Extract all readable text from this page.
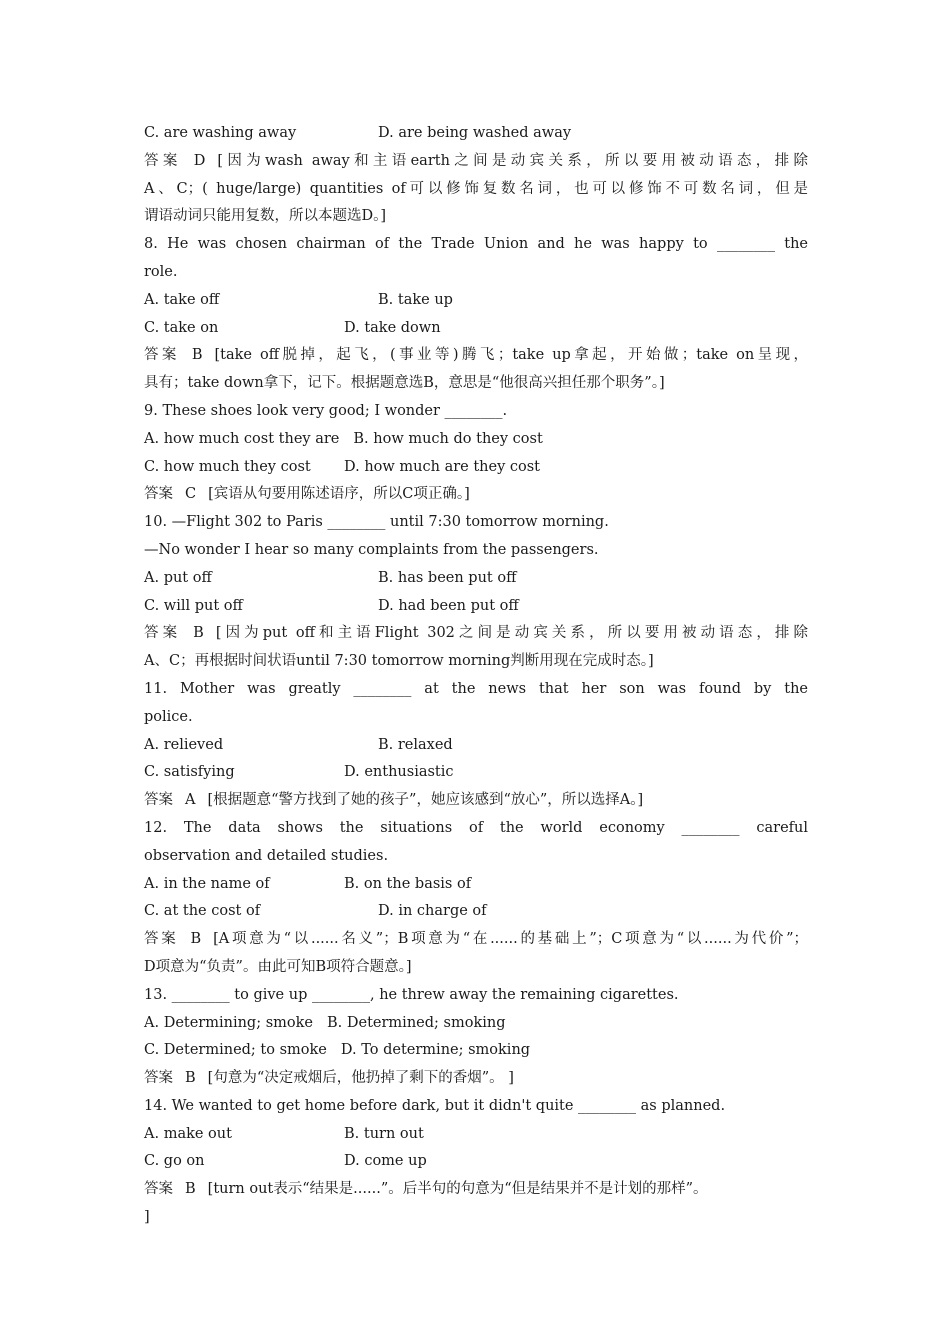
C. are washing away	D. are being washed away
答案 D [因为wash away和主语earth之间是动宾关系，所以要用被动语态，排除
A、C；( huge/large) quantities of可以修饰复数名词，也可以修饰不可数名词，但是
谓语动词只能用复数，所以本题选D。]
8. He was chosen chairman of the Trade Union and he was happy to ________ the
role.
A. take off	B. take up
C. take on	D. take down
答案 B [take off脱掉，起飞，(事业等)腾飞；take up拿起，开始做；take on呈现，
具有；take down拿下，记下。根据题意选B，意思是“他很高兴担任那个职务”。]
9. These shoes look very good; I wonder ________.
A. how much cost they are B. how much do they cost
C. how much they cost	D. how much are they cost
答案 C [宾语从句要用陈述语序，所以C项正确。]
10. —Flight 302 to Paris ________ until 7:30 tomorrow morning.
—No wonder I hear so many complaints from the passengers.
A. put off	B. has been put off
C. will put off	D. had been put off
答案 B [因为put off和主语Flight 302之间是动宾关系，所以要用被动语态，排除
A、C；再根据时间状语until 7:30 tomorrow morning判断用现在完成时态。]
11. Mother was greatly ________ at the news that her son was found by the
police.
A. relieved	B. relaxed
C. satisfying	D. enthusiastic
答案 A [根据题意“警方找到了她的孩子”，她应该感到“放心”，所以选择A。]
12. The data shows the situations of the world economy ________ careful
observation and detailed studies.
A. in the name of	B. on the basis of
C. at the cost of	D. in charge of
答案 B [A项意为“以......名义”；B项意为“在......的基础上”；C项意为“以......为代价”；
D项意为“负责”。由此可知B项符合题意。]
13. ________ to give up ________, he threw away the remaining cigarettes.
A. Determining; smoke B. Determined; smoking
C. Determined; to smoke D. To determine; smoking
答案 B [句意为“决定戒烟后，他扔掉了剩下的香烟”。 ]
14. We wanted to get home before dark, but it didn't quite ________ as planned.
A. make out	B. turn out
C. go on	D. come up
答案 B [turn out表示“结果是......”。后半句的句意为“但是结果并不是计划的那样”。
]
